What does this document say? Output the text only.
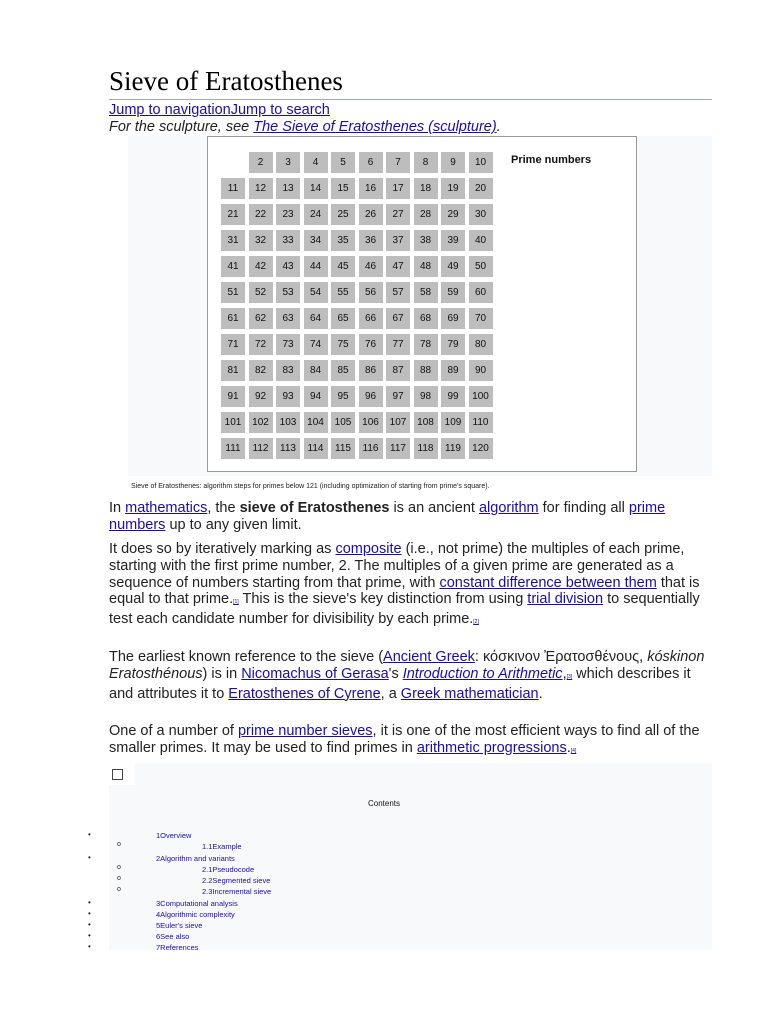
Sieve of Eratosthenes
Jump to navigationJump to search
For the sculpture, see The Sieve of Eratosthenes (sculpture).
Prime numbers
2	3	4	5	6	7	8	9	10
11	12	13	14	15	16	17	18	19	20
21	22	23	24	25	26	27	28	29	30
31	32	33	34	35	36	37	38	39	40
41	42	43	44	45	46	47	48	49	50
51	52	53	54	55	56	57	58	59	60
61	62	63	64	65	66	67	68	69	70
71	72	73	74	75	76	77	78	79	80
81	82	83	84	85	86	87	88	89	90
91	92	93	94	95	96	97	98	99	100
101	102	103	104	105	106	107	108	109	110
111	112	113	114	115	116	117	118	119	120
Sieve of Eratosthenes: algorithm steps for primes below 121 (including optimization of starting from prime's square).

In mathematics, the sieve of Eratosthenes is an ancient algorithm for finding all prime numbers up to any given limit.

It does so by iteratively marking as composite (i.e., not prime) the multiples of each prime, starting with the first prime number, 2. The multiples of a given prime are generated as a sequence of numbers starting from that prime, with constant difference between them that is equal to that prime.[1] This is the sieve's key distinction from using trial division to sequentially test each candidate number for divisibility by each prime.[2]

The earliest known reference to the sieve (Ancient Greek: κόσκινον Ἐρατοσθένους, kóskinon Eratosthénous) is in Nicomachus of Gerasa's Introduction to Arithmetic,[3] which describes it and attributes it to Eratosthenes of Cyrene, a Greek mathematician.

One of a number of prime number sieves, it is one of the most efficient ways to find all of the smaller primes. It may be used to find primes in arithmetic progressions.[4]

Contents
•	1Overview
o	1.1Example
•	2Algorithm and variants
o	2.1Pseudocode
o	2.2Segmented sieve
o	2.3Incremental sieve
•	3Computational analysis
•	4Algorithmic complexity
•	5Euler's sieve
•	6See also
•	7References
